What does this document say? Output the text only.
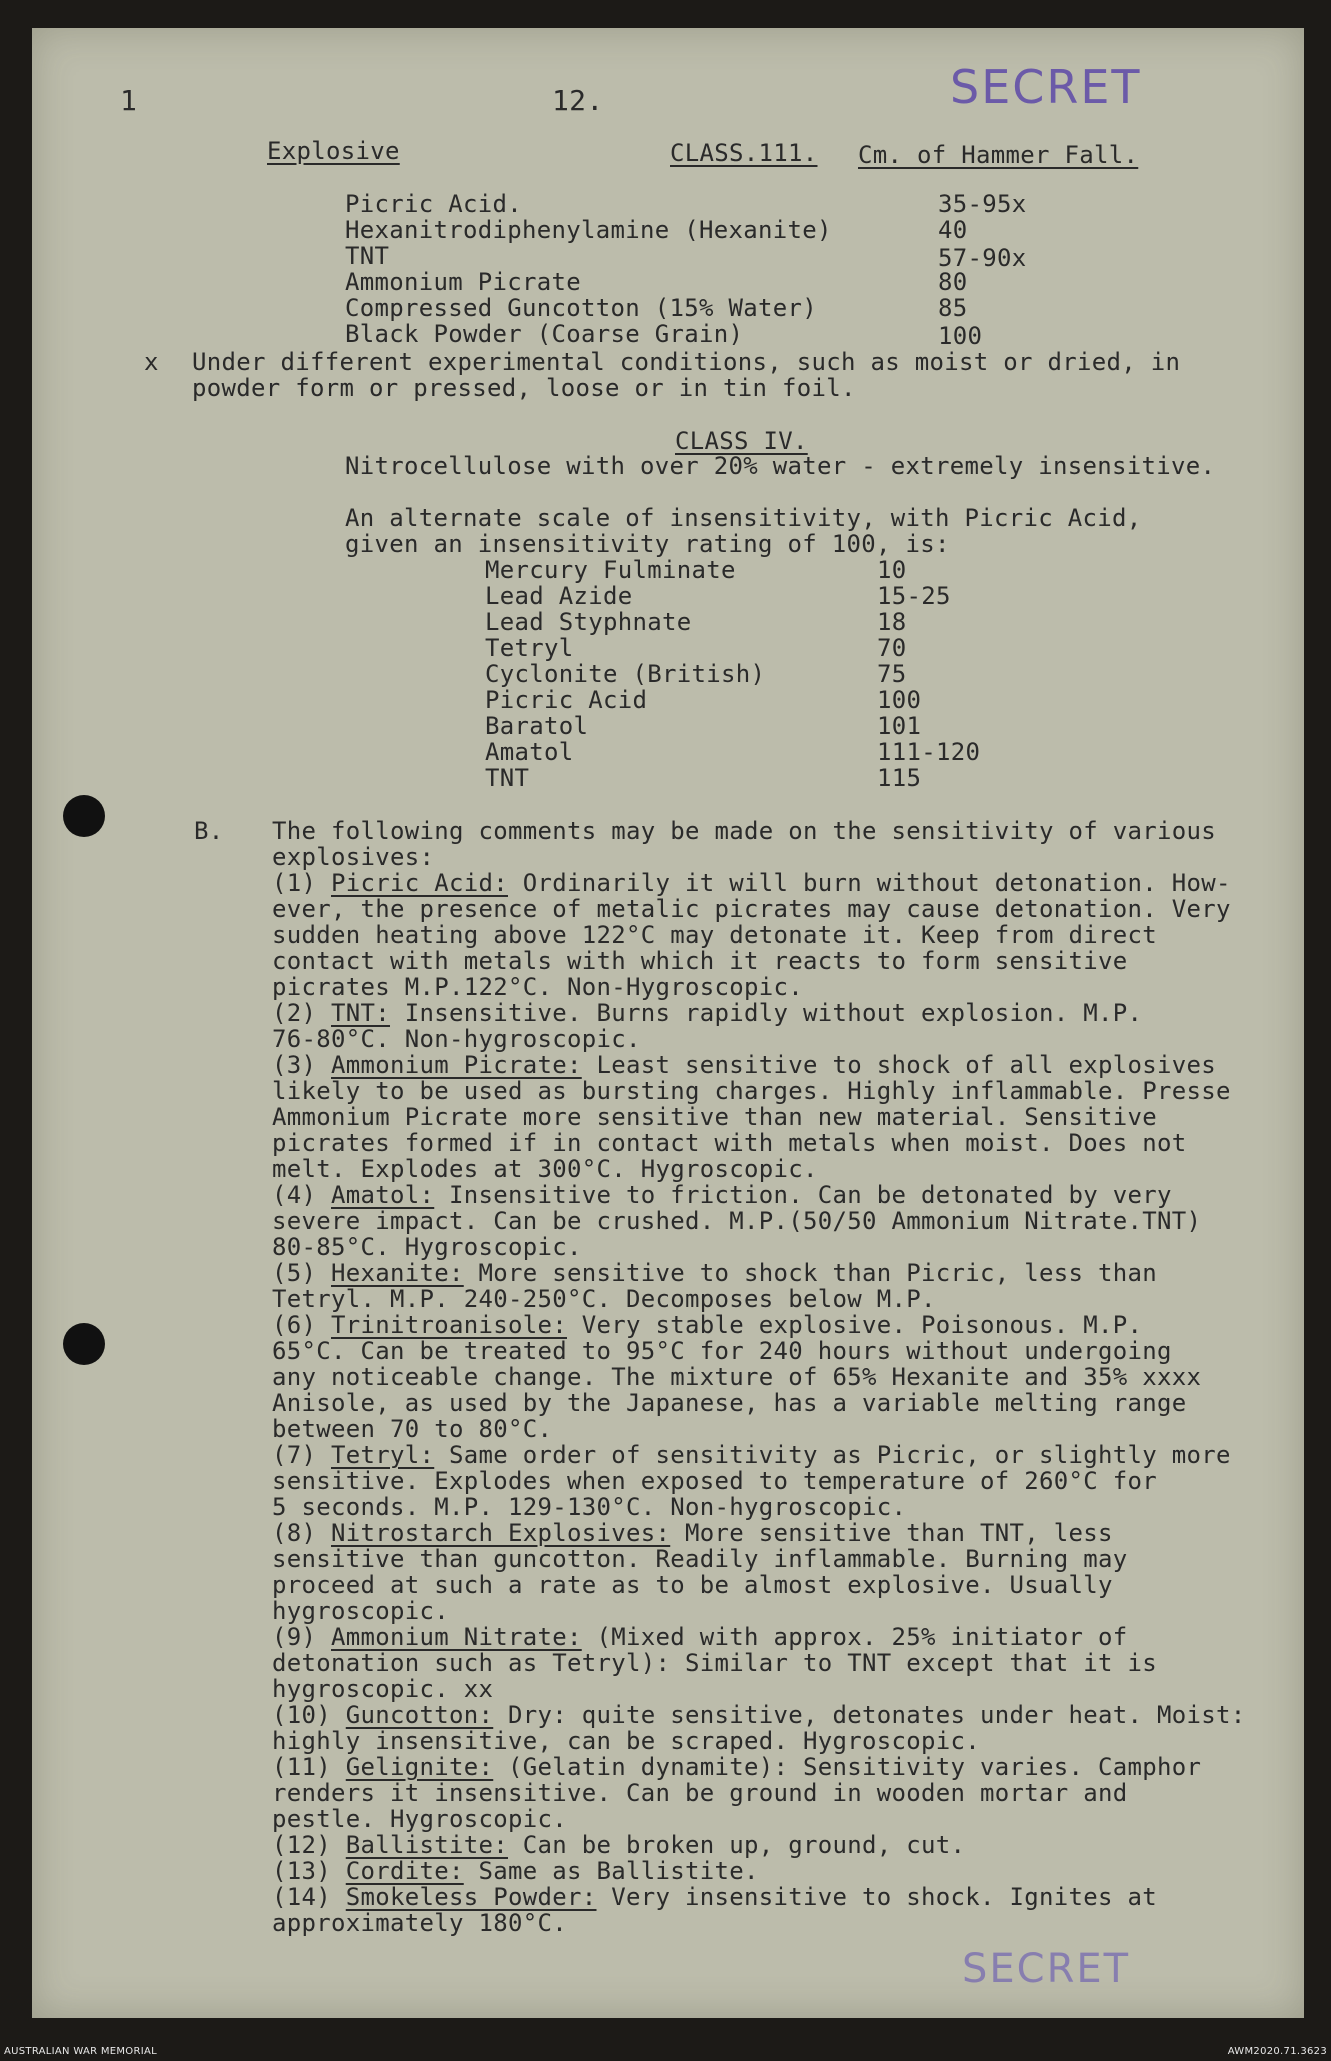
1	12.	SECRET
Explosive	CLASS.111. Cm. of Hammer Fall.
Picric Acid.	35-95x
Hexanitrodiphenylamine (Hexanite)	40
TNT	57-90x
Ammonium Picrate	80
Compressed Guncotton (15% Water)	85
Black Powder (Coarse Grain)	100
x Under different experimental conditions, such as moist or dried, in
powder form or pressed, loose or in tin foil.
CLASS IV.
Nitrocellulose with over 20% water - extremely insensitive.
An alternate scale of insensitivity, with Picric Acid,
given an insensitivity rating of 100, is:
Mercury Fulminate	10
Lead Azide	15-25
Lead Styphnate	18
Tetryl	70
Cyclonite (British)	75
Picric Acid	100
Baratol	101
Amatol	111-120
TNT	115
B. The following comments may be made on the sensitivity of various
explosives:
(1) Picric Acid: Ordinarily it will burn without detonation. How-
ever, the presence of metalic picrates may cause detonation. Very
sudden heating above 122°C may detonate it. Keep from direct
contact with metals with which it reacts to form sensitive
picrates M.P.122°C. Non-Hygroscopic.
(2) TNT: Insensitive. Burns rapidly without explosion. M.P.
76-80°C. Non-hygroscopic.
(3) Ammonium Picrate: Least sensitive to shock of all explosives
likely to be used as bursting charges. Highly inflammable. Presse
Ammonium Picrate more sensitive than new material. Sensitive
picrates formed if in contact with metals when moist. Does not
melt. Explodes at 300°C. Hygroscopic.
(4) Amatol: Insensitive to friction. Can be detonated by very
severe impact. Can be crushed. M.P.(50/50 Ammonium Nitrate.TNT)
80-85°C. Hygroscopic.
(5) Hexanite: More sensitive to shock than Picric, less than
Tetryl. M.P. 240-250°C. Decomposes below M.P.
(6) Trinitroanisole: Very stable explosive. Poisonous. M.P.
65°C. Can be treated to 95°C for 240 hours without undergoing
any noticeable change. The mixture of 65% Hexanite and 35% xxxx
Anisole, as used by the Japanese, has a variable melting range
between 70 to 80°C.
(7) Tetryl: Same order of sensitivity as Picric, or slightly more
sensitive. Explodes when exposed to temperature of 260°C for
5 seconds. M.P. 129-130°C. Non-hygroscopic.
(8) Nitrostarch Explosives: More sensitive than TNT, less
sensitive than guncotton. Readily inflammable. Burning may
proceed at such a rate as to be almost explosive. Usually
hygroscopic.
(9) Ammonium Nitrate: (Mixed with approx. 25% initiator of
detonation such as Tetryl): Similar to TNT except that it is
hygroscopic. xx
(10) Guncotton: Dry: quite sensitive, detonates under heat. Moist:
highly insensitive, can be scraped. Hygroscopic.
(11) Gelignite: (Gelatin dynamite): Sensitivity varies. Camphor
renders it insensitive. Can be ground in wooden mortar and
pestle. Hygroscopic.
(12) Ballistite: Can be broken up, ground, cut.
(13) Cordite: Same as Ballistite.
(14) Smokeless Powder: Very insensitive to shock. Ignites at
approximately 180°C.
SECRET
AUSTRALIAN WAR MEMORIAL	AWM2020.71.3623
